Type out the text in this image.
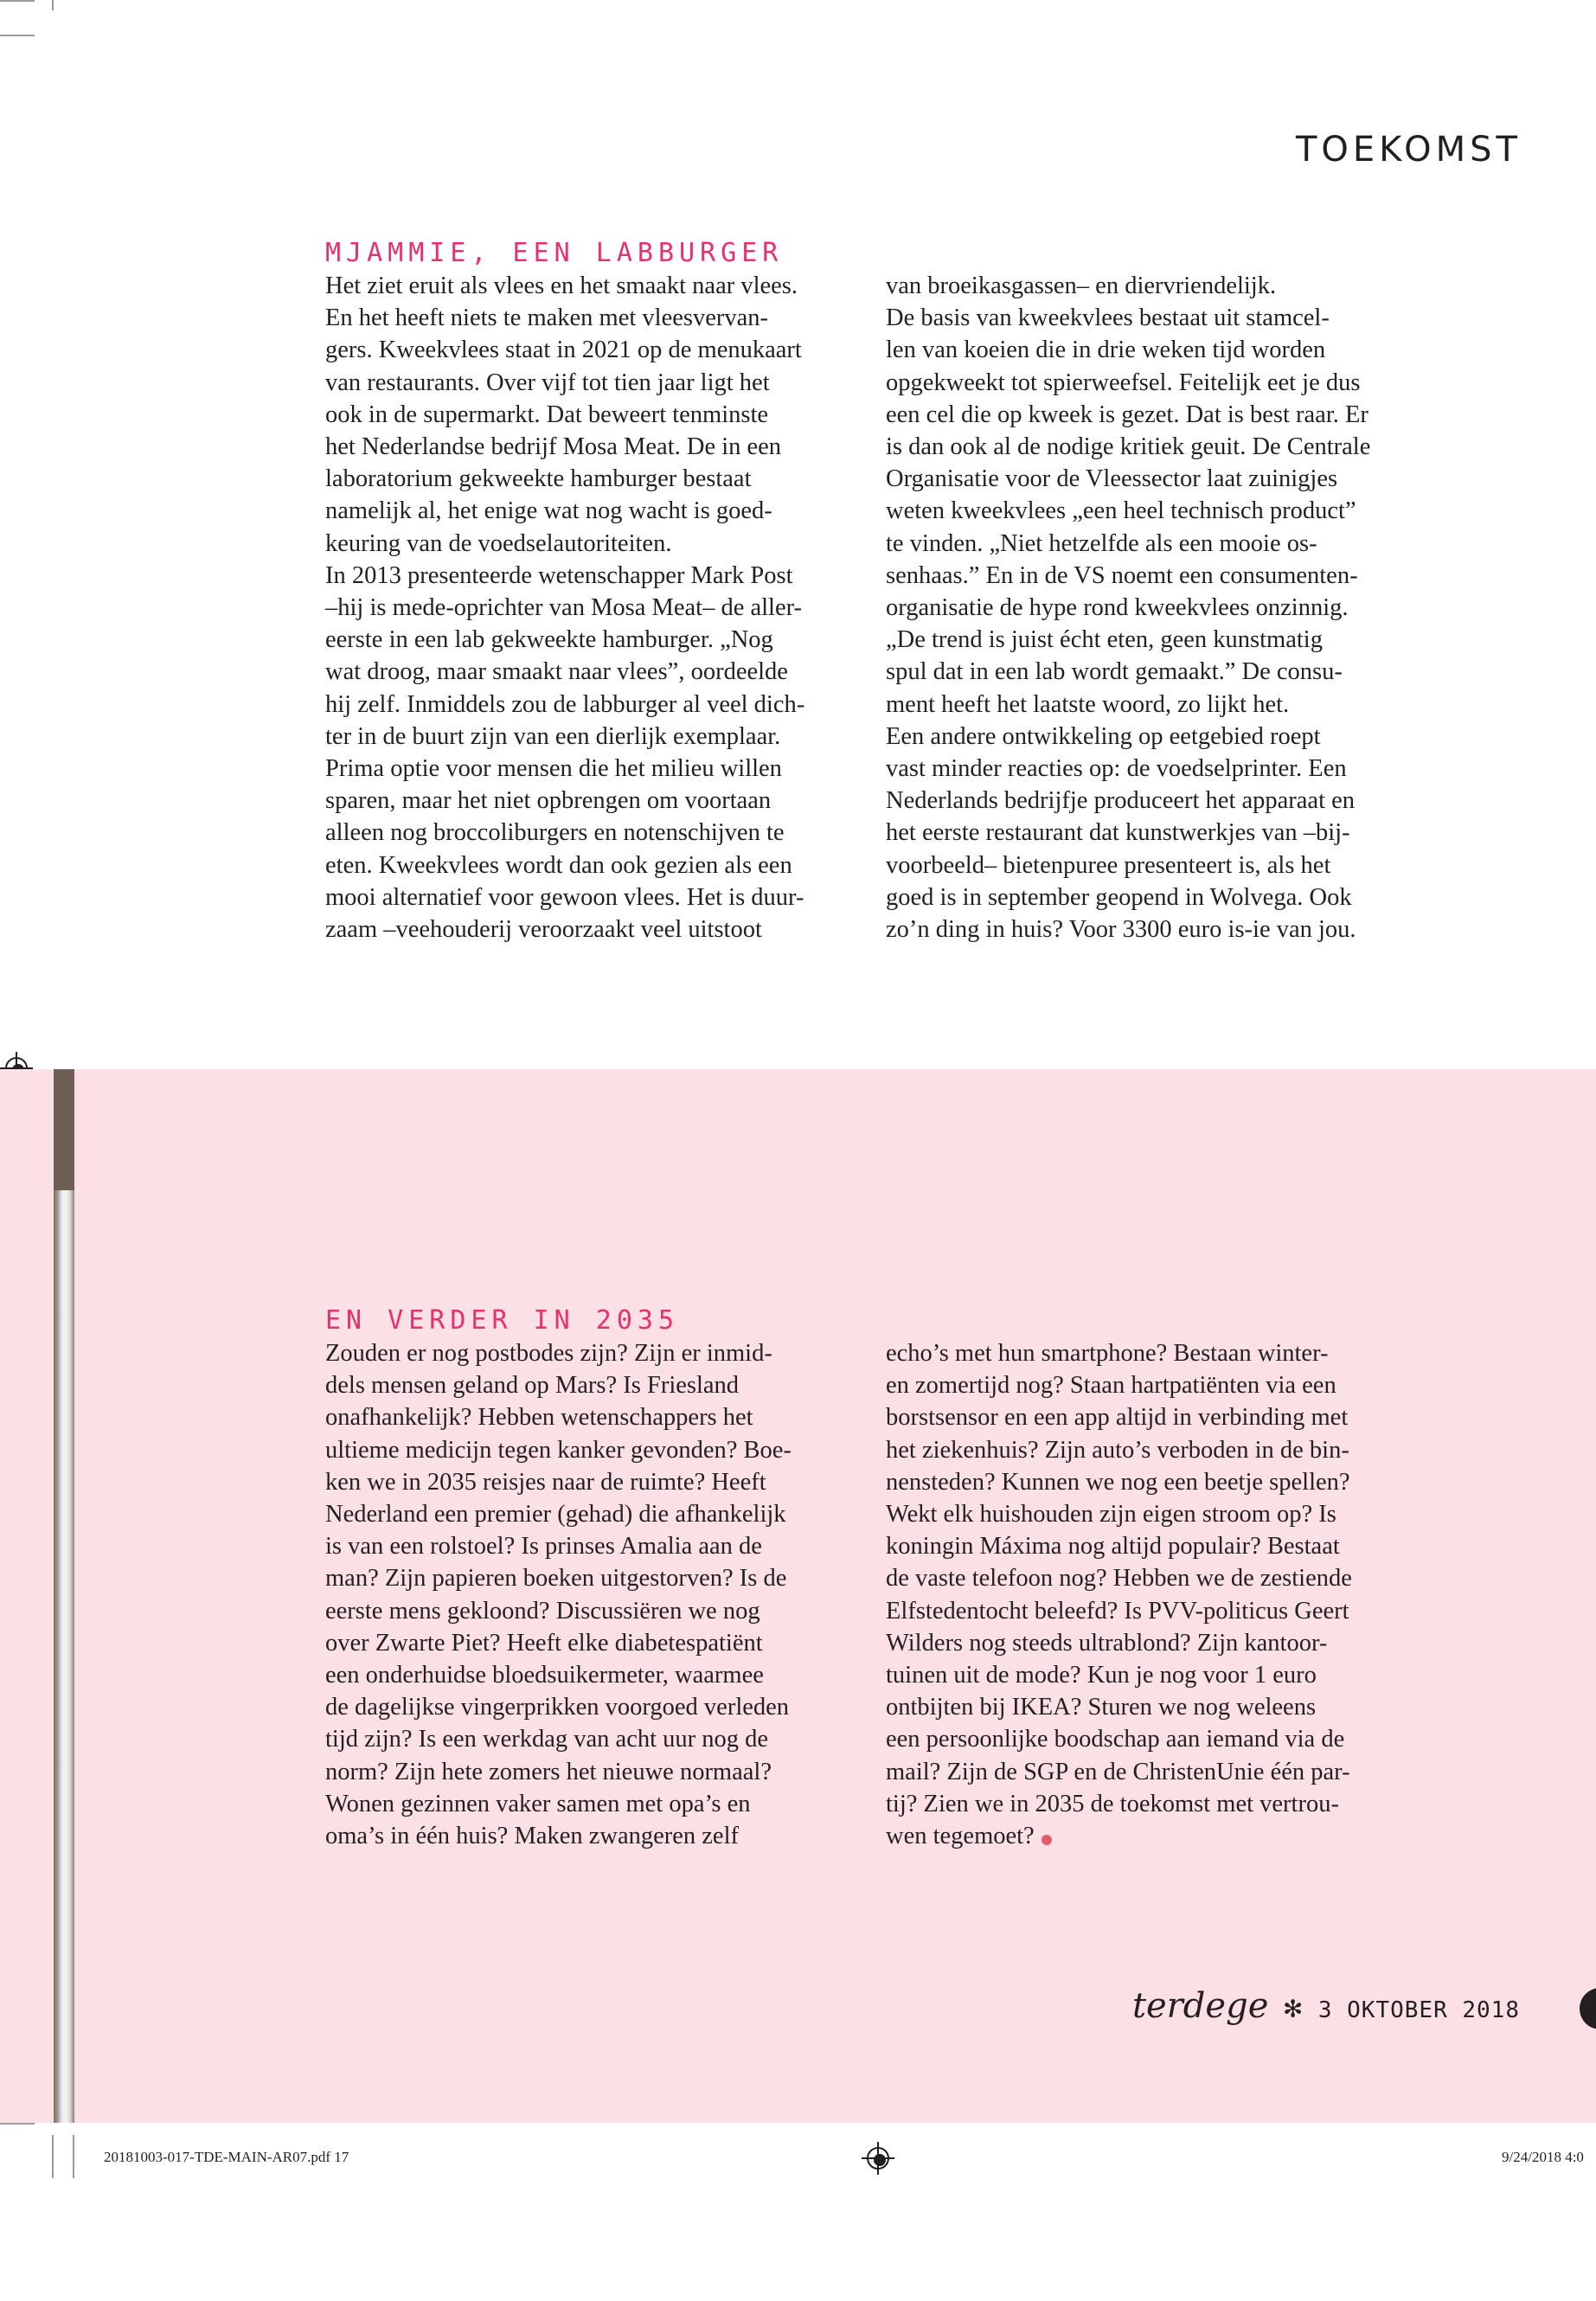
TOEKOMST
MJAMMIE, EEN LABBURGER
Het ziet eruit als vlees en het smaakt naar vlees.
En het heeft niets te maken met vleesvervan-
gers. Kweekvlees staat in 2021 op de menukaart
van restaurants. Over vijf tot tien jaar ligt het
ook in de supermarkt. Dat beweert tenminste
het Nederlandse bedrijf Mosa Meat. De in een
laboratorium gekweekte hamburger bestaat
namelijk al, het enige wat nog wacht is goed-
keuring van de voedselautoriteiten.
In 2013 presenteerde wetenschapper Mark Post
–hij is mede-oprichter van Mosa Meat– de aller-
eerste in een lab gekweekte hamburger. „Nog
wat droog, maar smaakt naar vlees”, oordeelde
hij zelf. Inmiddels zou de labburger al veel dich-
ter in de buurt zijn van een dierlijk exemplaar.
Prima optie voor mensen die het milieu willen
sparen, maar het niet opbrengen om voortaan
alleen nog broccoliburgers en notenschijven te
eten. Kweekvlees wordt dan ook gezien als een
mooi alternatief voor gewoon vlees. Het is duur-
zaam –veehouderij veroorzaakt veel uitstoot
van broeikasgassen– en diervriendelijk.
De basis van kweekvlees bestaat uit stamcel-
len van koeien die in drie weken tijd worden
opgekweekt tot spierweefsel. Feitelijk eet je dus
een cel die op kweek is gezet. Dat is best raar. Er
is dan ook al de nodige kritiek geuit. De Centrale
Organisatie voor de Vleessector laat zuinigjes
weten kweekvlees „een heel technisch product”
te vinden. „Niet hetzelfde als een mooie os-
senhaas.” En in de VS noemt een consumenten-
organisatie de hype rond kweekvlees onzinnig.
„De trend is juist écht eten, geen kunstmatig
spul dat in een lab wordt gemaakt.” De consu-
ment heeft het laatste woord, zo lijkt het.
Een andere ontwikkeling op eetgebied roept
vast minder reacties op: de voedselprinter. Een
Nederlands bedrijfje produceert het apparaat en
het eerste restaurant dat kunstwerkjes van –bij-
voorbeeld– bietenpuree presenteert is, als het
goed is in september geopend in Wolvega. Ook
zo’n ding in huis? Voor 3300 euro is-ie van jou.
EN VERDER IN 2035
Zouden er nog postbodes zijn? Zijn er inmid-
dels mensen geland op Mars? Is Friesland
onafhankelijk? Hebben wetenschappers het
ultieme medicijn tegen kanker gevonden? Boe-
ken we in 2035 reisjes naar de ruimte? Heeft
Nederland een premier (gehad) die afhankelijk
is van een rolstoel? Is prinses Amalia aan de
man? Zijn papieren boeken uitgestorven? Is de
eerste mens gekloond? Discussiëren we nog
over Zwarte Piet? Heeft elke diabetespatiënt
een onderhuidse bloedsuikermeter, waarmee
de dagelijkse vingerprikken voorgoed verleden
tijd zijn? Is een werkdag van acht uur nog de
norm? Zijn hete zomers het nieuwe normaal?
Wonen gezinnen vaker samen met opa’s en
oma’s in één huis? Maken zwangeren zelf
echo’s met hun smartphone? Bestaan winter-
en zomertijd nog? Staan hartpatiënten via een
borstsensor en een app altijd in verbinding met
het ziekenhuis? Zijn auto’s verboden in de bin-
nensteden? Kunnen we nog een beetje spellen?
Wekt elk huishouden zijn eigen stroom op? Is
koningin Máxima nog altijd populair? Bestaat
de vaste telefoon nog? Hebben we de zestiende
Elfstedentocht beleefd? Is PVV-politicus Geert
Wilders nog steeds ultrablond? Zijn kantoor-
tuinen uit de mode? Kun je nog voor 1 euro
ontbijten bij IKEA? Sturen we nog weleens
een persoonlijke boodschap aan iemand via de
mail? Zijn de SGP en de ChristenUnie één par-
tij? Zien we in 2035 de toekomst met vertrou-
wen tegemoet?
terdege ✻ 3 OKTOBER 2018
20181003-017-TDE-MAIN-AR07.pdf 17	9/24/2018 4:0
